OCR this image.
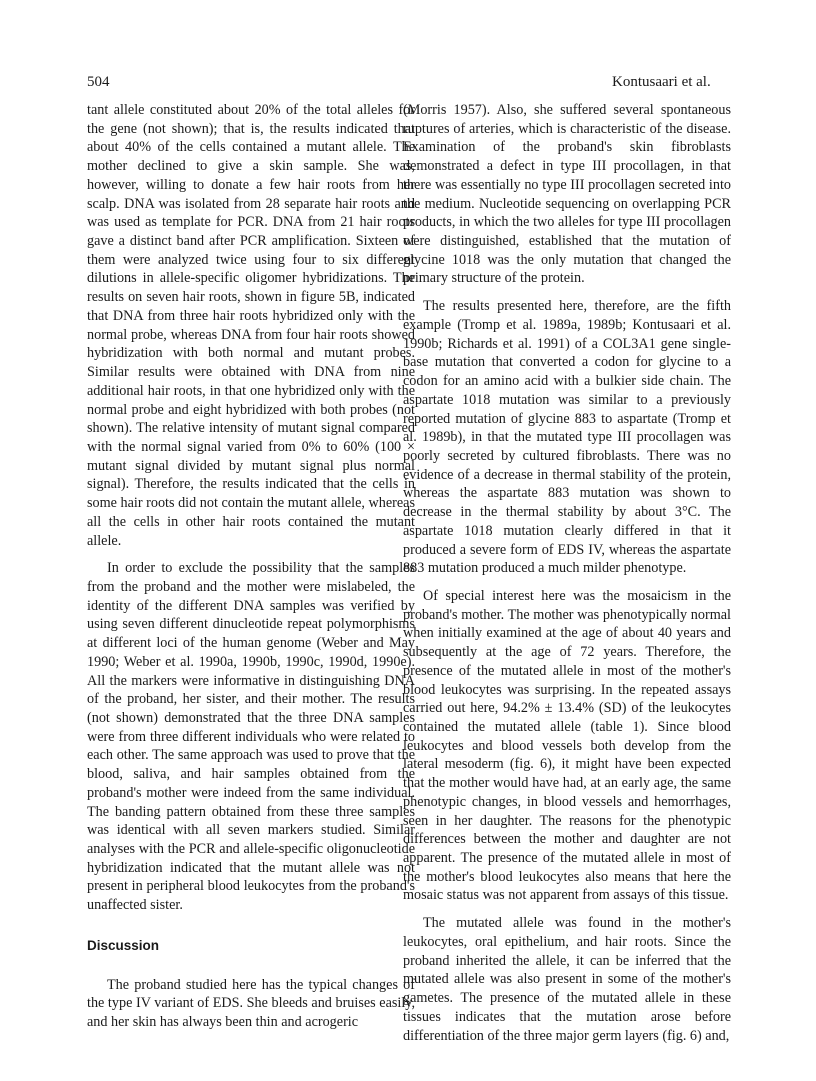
504	Kontusaari et al.

tant allele constituted about 20% of the total alleles for the gene (not shown); that is, the results indicated that about 40% of the cells contained a mutant allele. The mother declined to give a skin sample. She was, however, willing to donate a few hair roots from her scalp. DNA was isolated from 28 separate hair roots and was used as template for PCR. DNA from 21 hair roots gave a distinct band after PCR amplification. Sixteen of them were analyzed twice using four to six different dilutions in allele-specific oligomer hybridizations. The results on seven hair roots, shown in figure 5B, indicated that DNA from three hair roots hybridized only with the normal probe, whereas DNA from four hair roots showed hybridization with both normal and mutant probes. Similar results were obtained with DNA from nine additional hair roots, in that one hybridized only with the normal probe and eight hybridized with both probes (not shown). The relative intensity of mutant signal compared with the normal signal varied from 0% to 60% (100 × mutant signal divided by mutant signal plus normal signal). Therefore, the results indicated that the cells in some hair roots did not contain the mutant allele, whereas all the cells in other hair roots contained the mutant allele.

In order to exclude the possibility that the samples from the proband and the mother were mislabeled, the identity of the different DNA samples was verified by using seven different dinucleotide repeat polymorphisms at different loci of the human genome (Weber and May 1990; Weber et al. 1990a, 1990b, 1990c, 1990d, 1990e). All the markers were informative in distinguishing DNA of the proband, her sister, and their mother. The results (not shown) demonstrated that the three DNA samples were from three different individuals who were related to each other. The same approach was used to prove that the blood, saliva, and hair samples obtained from the proband's mother were indeed from the same individual. The banding pattern obtained from these three samples was identical with all seven markers studied. Similar analyses with the PCR and allele-specific oligonucleotide hybridization indicated that the mutant allele was not present in peripheral blood leukocytes from the proband's unaffected sister.

Discussion

The proband studied here has the typical changes of the type IV variant of EDS. She bleeds and bruises easily, and her skin has always been thin and acrogeric

(Morris 1957). Also, she suffered several spontaneous ruptures of arteries, which is characteristic of the disease. Examination of the proband's skin fibroblasts demonstrated a defect in type III procollagen, in that there was essentially no type III procollagen secreted into the medium. Nucleotide sequencing on overlapping PCR products, in which the two alleles for type III procollagen were distinguished, established that the mutation of glycine 1018 was the only mutation that changed the primary structure of the protein.

The results presented here, therefore, are the fifth example (Tromp et al. 1989a, 1989b; Kontusaari et al. 1990b; Richards et al. 1991) of a COL3A1 gene single-base mutation that converted a codon for glycine to a codon for an amino acid with a bulkier side chain. The aspartate 1018 mutation was similar to a previously reported mutation of glycine 883 to aspartate (Tromp et al. 1989b), in that the mutated type III procollagen was poorly secreted by cultured fibroblasts. There was no evidence of a decrease in thermal stability of the protein, whereas the aspartate 883 mutation was shown to decrease in the thermal stability by about 3°C. The aspartate 1018 mutation clearly differed in that it produced a severe form of EDS IV, whereas the aspartate 883 mutation produced a much milder phenotype.

Of special interest here was the mosaicism in the proband's mother. The mother was phenotypically normal when initially examined at the age of about 40 years and subsequently at the age of 72 years. Therefore, the presence of the mutated allele in most of the mother's blood leukocytes was surprising. In the repeated assays carried out here, 94.2% ± 13.4% (SD) of the leukocytes contained the mutated allele (table 1). Since blood leukocytes and blood vessels both develop from the lateral mesoderm (fig. 6), it might have been expected that the mother would have had, at an early age, the same phenotypic changes, in blood vessels and hemorrhages, seen in her daughter. The reasons for the phenotypic differences between the mother and daughter are not apparent. The presence of the mutated allele in most of the mother's blood leukocytes also means that here the mosaic status was not apparent from assays of this tissue.

The mutated allele was found in the mother's leukocytes, oral epithelium, and hair roots. Since the proband inherited the allele, it can be inferred that the mutated allele was also present in some of the mother's gametes. The presence of the mutated allele in these tissues indicates that the mutation arose before differentiation of the three major germ layers (fig. 6) and,
